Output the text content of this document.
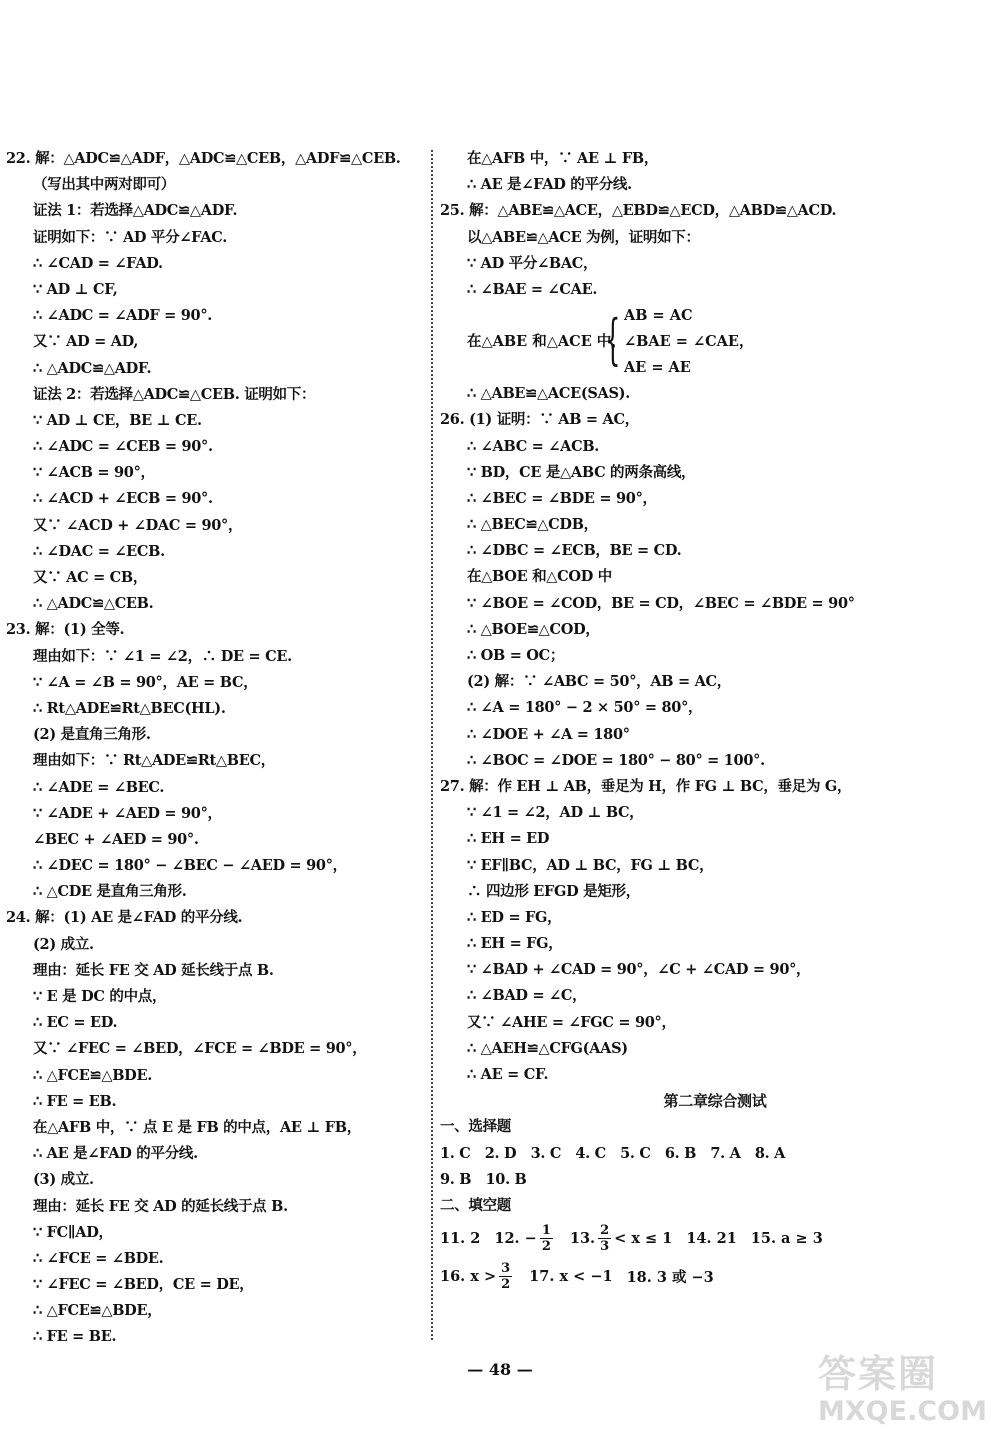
22. 解：△ADC≌△ADF，△ADC≌△CEB，△ADF≌△CEB.
（写出其中两对即可）
证法 1：若选择△ADC≌△ADF.
证明如下：∵ AD 平分∠FAC.
∴ ∠CAD = ∠FAD.
∵ AD ⊥ CF,
∴ ∠ADC = ∠ADF = 90°.
又∵ AD = AD,
∴ △ADC≌△ADF.
证法 2：若选择△ADC≌△CEB. 证明如下：
∵ AD ⊥ CE，BE ⊥ CE.
∴ ∠ADC = ∠CEB = 90°.
∵ ∠ACB = 90°，
∴ ∠ACD + ∠ECB = 90°.
又∵ ∠ACD + ∠DAC = 90°，
∴ ∠DAC = ∠ECB.
又∵ AC = CB，
∴ △ADC≌△CEB.
23. 解：(1) 全等.
理由如下：∵ ∠1 = ∠2，∴ DE = CE.
∵ ∠A = ∠B = 90°，AE = BC，
∴ Rt△ADE≌Rt△BEC(HL).
(2) 是直角三角形.
理由如下：∵ Rt△ADE≌Rt△BEC，
∴ ∠ADE = ∠BEC.
∵ ∠ADE + ∠AED = 90°，
∠BEC + ∠AED = 90°.
∴ ∠DEC = 180° − ∠BEC − ∠AED = 90°，
∴ △CDE 是直角三角形.
24. 解：(1) AE 是∠FAD 的平分线.
(2) 成立.
理由：延长 FE 交 AD 延长线于点 B.
∵ E 是 DC 的中点，
∴ EC = ED.
又∵ ∠FEC = ∠BED，∠FCE = ∠BDE = 90°，
∴ △FCE≌△BDE.
∴ FE = EB.
在△AFB 中，∵ 点 E 是 FB 的中点，AE ⊥ FB，
∴ AE 是∠FAD 的平分线.
(3) 成立.
理由：延长 FE 交 AD 的延长线于点 B.
∵ FC∥AD，
∴ ∠FCE = ∠BDE.
∵ ∠FEC = ∠BED，CE = DE，
∴ △FCE≌△BDE，
∴ FE = BE.
在△AFB 中，∵ AE ⊥ FB，
∴ AE 是∠FAD 的平分线.
25. 解：△ABE≌△ACE，△EBD≌△ECD，△ABD≌△ACD.
以△ABE≌△ACE 为例，证明如下：
∵ AD 平分∠BAC，
∴ ∠BAE = ∠CAE.
在△ABE 和△ACE 中，
{ AB = AC
∠BAE = ∠CAE，
AE = AE
∴ △ABE≌△ACE(SAS).
26. (1) 证明：∵ AB = AC，
∴ ∠ABC = ∠ACB.
∵ BD，CE 是△ABC 的两条高线，
∴ ∠BEC = ∠BDE = 90°，
∴ △BEC≌△CDB，
∴ ∠DBC = ∠ECB，BE = CD.
在△BOE 和△COD 中
∵ ∠BOE = ∠COD，BE = CD，∠BEC = ∠BDE = 90°
∴ △BOE≌△COD，
∴ OB = OC；
(2) 解：∵ ∠ABC = 50°，AB = AC，
∴ ∠A = 180° − 2 × 50° = 80°，
∴ ∠DOE + ∠A = 180°
∴ ∠BOC = ∠DOE = 180° − 80° = 100°.
27. 解：作 EH ⊥ AB，垂足为 H，作 FG ⊥ BC，垂足为 G，
∵ ∠1 = ∠2，AD ⊥ BC，
∴ EH = ED
∵ EF∥BC，AD ⊥ BC，FG ⊥ BC，
∴ 四边形 EFGD 是矩形，
∴ ED = FG，
∴ EH = FG，
∵ ∠BAD + ∠CAD = 90°，∠C + ∠CAD = 90°，
∴ ∠BAD = ∠C，
又∵ ∠AHE = ∠FGC = 90°，
∴ △AEH≌△CFG(AAS)
∴ AE = CF.
第二章综合测试
一、选择题
1. C   2. D   3. C   4. C   5. C   6. B   7. A   8. A
9. B   10. B
二、填空题
11. 2 12. − $\frac{1}{2} 13$. $\frac{2}{3} < x \le 1$ 14. 21 15. a ≥ 3
16. $x > \frac{3}{2} 17$. x < −1 18. 3 或 −3
— 48 —	答案圈
MXQE.COM
